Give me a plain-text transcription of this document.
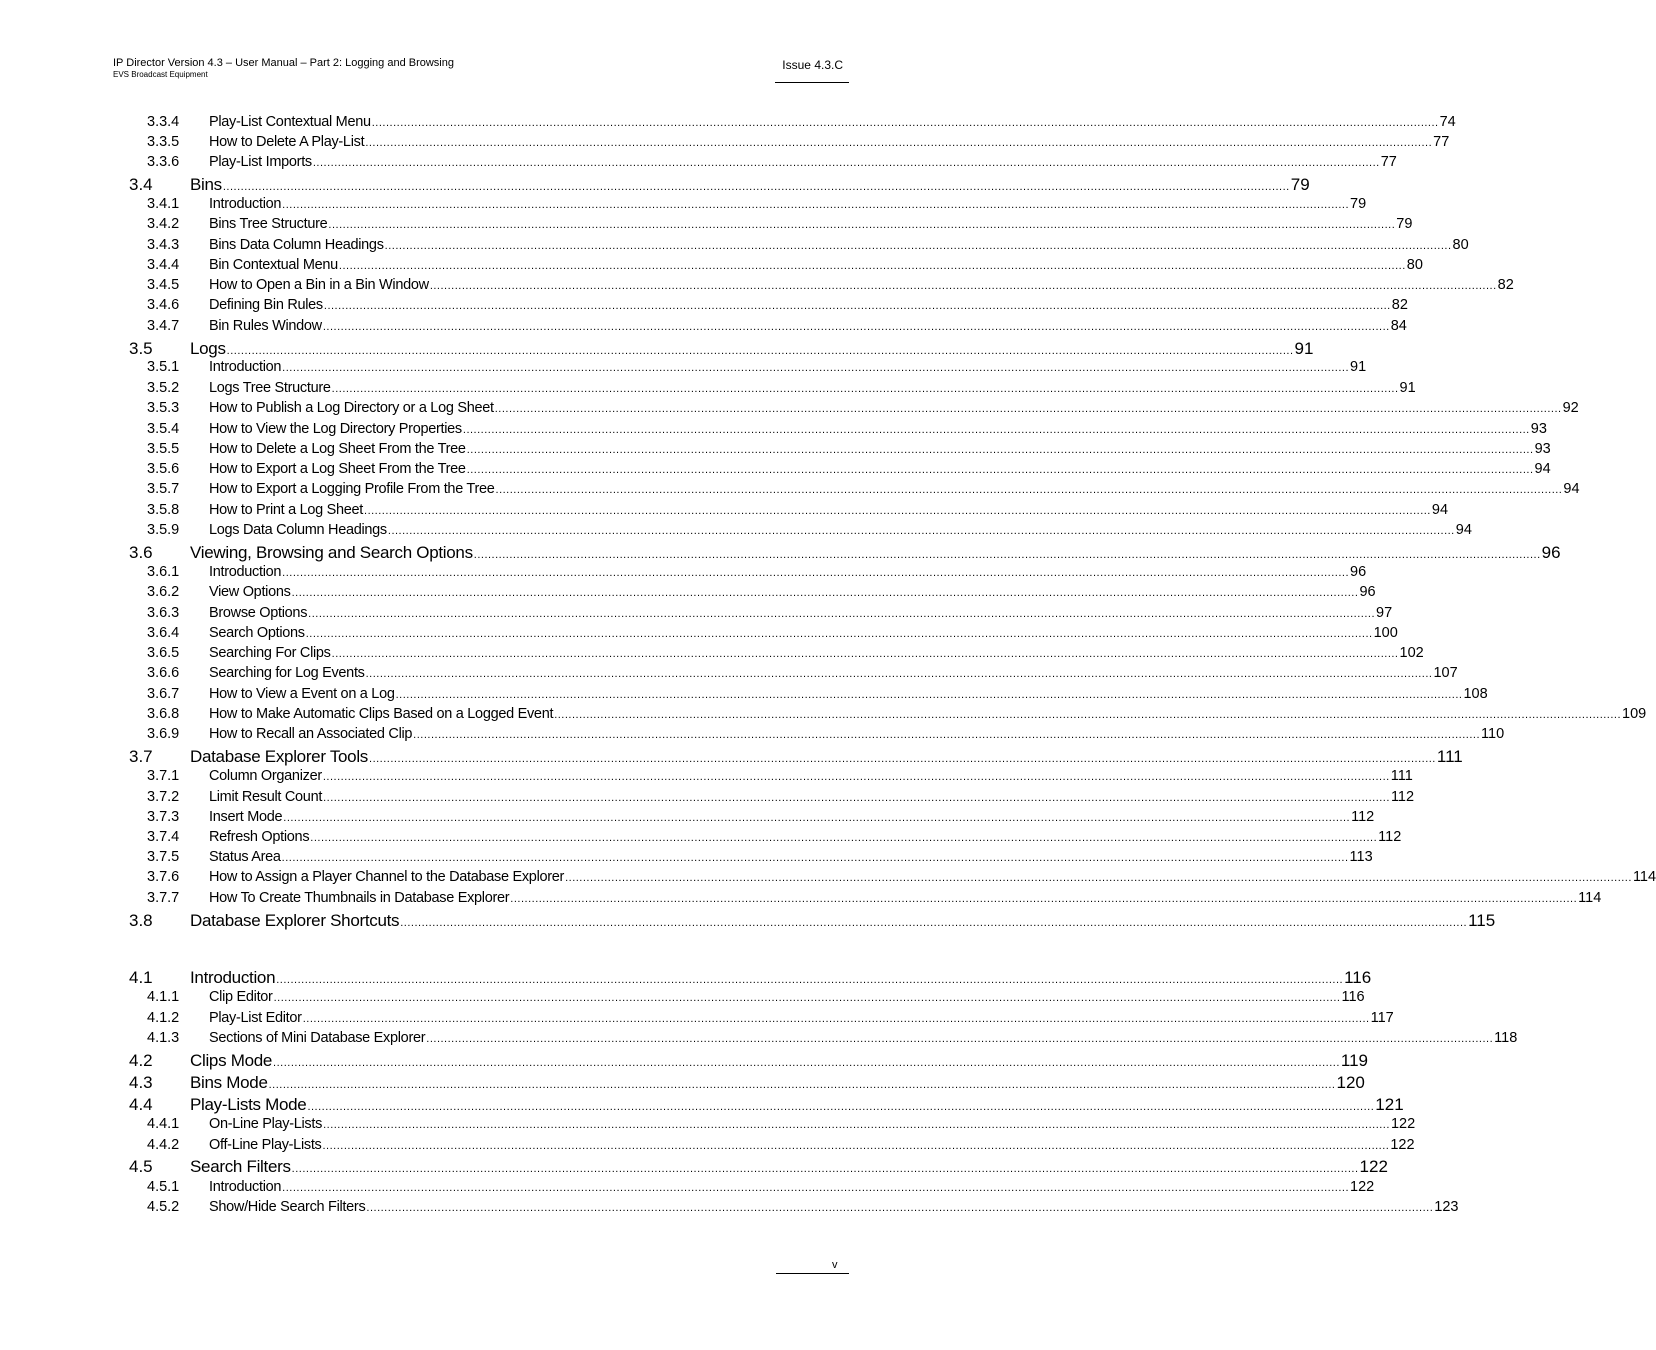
IP Director Version 4.3 – User Manual – Part 2: Logging and Browsing
EVS Broadcast Equipment
Issue 4.3.C
3.3.4 Play-List Contextual Menu ............................................................................................................................................................................................................................................................................................................ 74
3.3.5 How to Delete A Play-List ............................................................................................................................................................................................................................................................................................................ 77
3.3.6 Play-List Imports ............................................................................................................................................................................................................................................................................................................ 77
3.4 Bins ............................................................................................................................................................................................................................................................................................................ 79
3.4.1 Introduction ............................................................................................................................................................................................................................................................................................................ 79
3.4.2 Bins Tree Structure ............................................................................................................................................................................................................................................................................................................ 79
3.4.3 Bins Data Column Headings ............................................................................................................................................................................................................................................................................................................ 80
3.4.4 Bin Contextual Menu ............................................................................................................................................................................................................................................................................................................ 80
3.4.5 How to Open a Bin in a Bin Window ............................................................................................................................................................................................................................................................................................................ 82
3.4.6 Defining Bin Rules ............................................................................................................................................................................................................................................................................................................ 82
3.4.7 Bin Rules Window ............................................................................................................................................................................................................................................................................................................ 84
3.5 Logs ............................................................................................................................................................................................................................................................................................................ 91
3.5.1 Introduction ............................................................................................................................................................................................................................................................................................................ 91
3.5.2 Logs Tree Structure ............................................................................................................................................................................................................................................................................................................ 91
3.5.3 How to Publish a Log Directory or a Log Sheet ............................................................................................................................................................................................................................................................................................................ 92
3.5.4 How to View the Log Directory Properties ............................................................................................................................................................................................................................................................................................................ 93
3.5.5 How to Delete a Log Sheet From the Tree ............................................................................................................................................................................................................................................................................................................ 93
3.5.6 How to Export a Log Sheet From the Tree ............................................................................................................................................................................................................................................................................................................ 94
3.5.7 How to Export a Logging Profile From the Tree ............................................................................................................................................................................................................................................................................................................ 94
3.5.8 How to Print a Log Sheet ............................................................................................................................................................................................................................................................................................................ 94
3.5.9 Logs Data Column Headings ............................................................................................................................................................................................................................................................................................................ 94
3.6 Viewing, Browsing and Search Options ............................................................................................................................................................................................................................................................................................................ 96
3.6.1 Introduction ............................................................................................................................................................................................................................................................................................................ 96
3.6.2 View Options ............................................................................................................................................................................................................................................................................................................ 96
3.6.3 Browse Options ............................................................................................................................................................................................................................................................................................................ 97
3.6.4 Search Options ............................................................................................................................................................................................................................................................................................................ 100
3.6.5 Searching For Clips ............................................................................................................................................................................................................................................................................................................ 102
3.6.6 Searching for Log Events ............................................................................................................................................................................................................................................................................................................ 107
3.6.7 How to View a Event on a Log ............................................................................................................................................................................................................................................................................................................ 108
3.6.8 How to Make Automatic Clips Based on a Logged Event ............................................................................................................................................................................................................................................................................................................ 109
3.6.9 How to Recall an Associated Clip ............................................................................................................................................................................................................................................................................................................ 110
3.7 Database Explorer Tools ............................................................................................................................................................................................................................................................................................................ 111
3.7.1 Column Organizer ............................................................................................................................................................................................................................................................................................................ 111
3.7.2 Limit Result Count ............................................................................................................................................................................................................................................................................................................ 112
3.7.3 Insert Mode ............................................................................................................................................................................................................................................................................................................ 112
3.7.4 Refresh Options ............................................................................................................................................................................................................................................................................................................ 112
3.7.5 Status Area ............................................................................................................................................................................................................................................................................................................ 113
3.7.6 How to Assign a Player Channel to the Database Explorer ............................................................................................................................................................................................................................................................................................................ 114
3.7.7 How To Create Thumbnails in Database Explorer ............................................................................................................................................................................................................................................................................................................ 114
3.8 Database Explorer Shortcuts ............................................................................................................................................................................................................................................................................................................ 115
4.1 Introduction ............................................................................................................................................................................................................................................................................................................ 116
4.1.1 Clip Editor ............................................................................................................................................................................................................................................................................................................ 116
4.1.2 Play-List Editor ............................................................................................................................................................................................................................................................................................................ 117
4.1.3 Sections of Mini Database Explorer ............................................................................................................................................................................................................................................................................................................ 118
4.2 Clips Mode ............................................................................................................................................................................................................................................................................................................ 119
4.3 Bins Mode ............................................................................................................................................................................................................................................................................................................ 120
4.4 Play-Lists Mode ............................................................................................................................................................................................................................................................................................................ 121
4.4.1 On-Line Play-Lists ............................................................................................................................................................................................................................................................................................................ 122
4.4.2 Off-Line Play-Lists ............................................................................................................................................................................................................................................................................................................ 122
4.5 Search Filters ............................................................................................................................................................................................................................................................................................................ 122
4.5.1 Introduction ............................................................................................................................................................................................................................................................................................................ 122
4.5.2 Show/Hide Search Filters ............................................................................................................................................................................................................................................................................................................ 123
v
